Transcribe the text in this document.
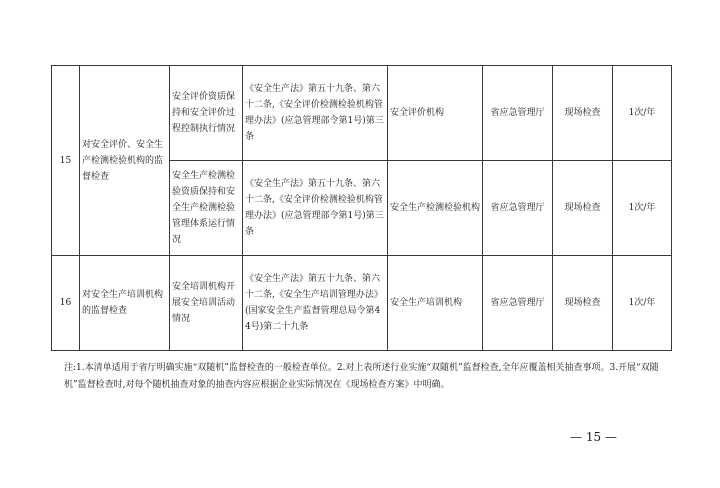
15	对安全评价、安全生产检测检验机构的监督检查	安全评价资质保持和安全评价过程控制执行情况	《安全生产法》第五十九条、第六十二条,《安全评价检测检验机构管理办法》(应急管理部令第1号)第三条	安全评价机构	省应急管理厅	现场检查	1次/年
		安全生产检测检验资质保持和安全生产检测检验管理体系运行情况	《安全生产法》第五十九条、第六十二条,《安全评价检测检验机构管理办法》(应急管理部令第1号)第三条	安全生产检测检验机构	省应急管理厅	现场检查	1次/年
16	对安全生产培训机构的监督检查	安全培训机构开展安全培训活动情况	《安全生产法》第五十九条、第六十二条,《安全生产培训管理办法》(国家安全生产监督管理总局令第44号)第二十九条	安全生产培训机构	省应急管理厅	现场检查	1次/年
注:1.本清单适用于省厅明确实施“双随机”监督检查的一般检查单位。2.对上表所述行业实施“双随机”监督检查,全年应覆盖相关抽查事项。3.开展“双随机”监督检查时,对每个随机抽查对象的抽查内容应根据企业实际情况在《现场检查方案》中明确。
— 15 —
